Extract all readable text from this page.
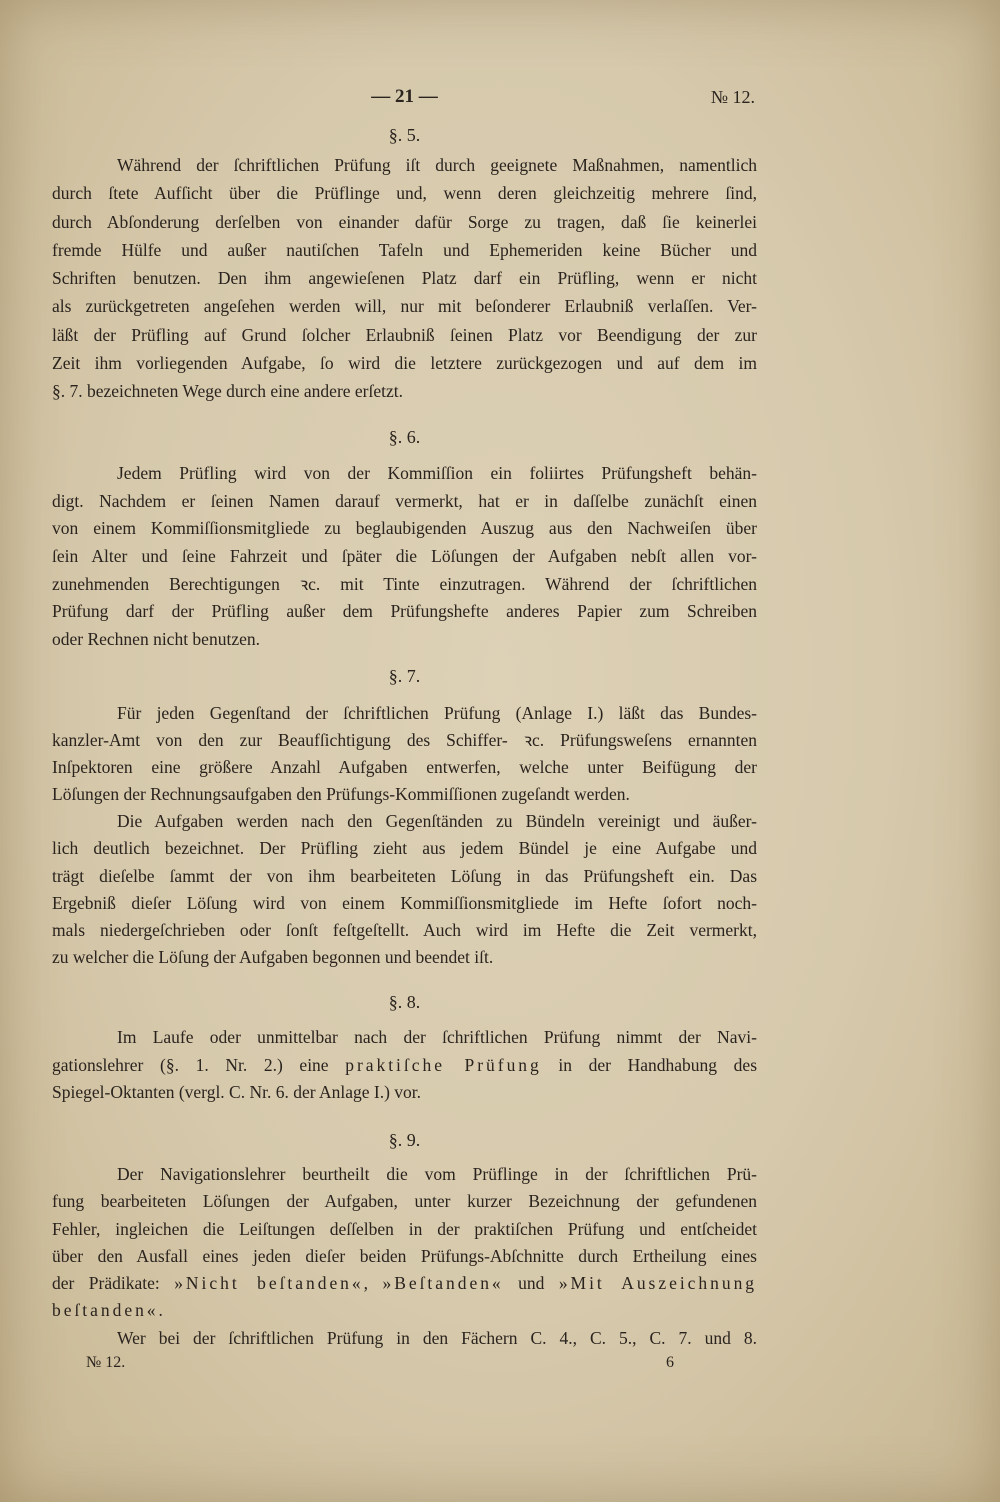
— 21 —	№ 12.
§. 5.
Während der ſchriftlichen Prüfung iſt durch geeignete Maßnahmen, namentlich
durch ſtete Aufſicht über die Prüflinge und, wenn deren gleichzeitig mehrere ſind,
durch Abſonderung derſelben von einander dafür Sorge zu tragen, daß ſie keinerlei
fremde Hülfe und außer nautiſchen Tafeln und Ephemeriden keine Bücher und
Schriften benutzen. Den ihm angewieſenen Platz darf ein Prüfling, wenn er nicht
als zurückgetreten angeſehen werden will, nur mit beſonderer Erlaubniß verlaſſen. Ver-
läßt der Prüfling auf Grund ſolcher Erlaubniß ſeinen Platz vor Beendigung der zur
Zeit ihm vorliegenden Aufgabe, ſo wird die letztere zurückgezogen und auf dem im
§. 7. bezeichneten Wege durch eine andere erſetzt.
§. 6.
Jedem Prüfling wird von der Kommiſſion ein foliirtes Prüfungsheft behän-
digt. Nachdem er ſeinen Namen darauf vermerkt, hat er in daſſelbe zunächſt einen
von einem Kommiſſionsmitgliede zu beglaubigenden Auszug aus den Nachweiſen über
ſein Alter und ſeine Fahrzeit und ſpäter die Löſungen der Aufgaben nebſt allen vor-
zunehmenden Berechtigungen ꝛc. mit Tinte einzutragen. Während der ſchriftlichen
Prüfung darf der Prüfling außer dem Prüfungshefte anderes Papier zum Schreiben
oder Rechnen nicht benutzen.
§. 7.
Für jeden Gegenſtand der ſchriftlichen Prüfung (Anlage I.) läßt das Bundes-
kanzler-Amt von den zur Beaufſichtigung des Schiffer- ꝛc. Prüfungsweſens ernannten
Inſpektoren eine größere Anzahl Aufgaben entwerfen, welche unter Beifügung der
Löſungen der Rechnungsaufgaben den Prüfungs-Kommiſſionen zugeſandt werden.
Die Aufgaben werden nach den Gegenſtänden zu Bündeln vereinigt und äußer-
lich deutlich bezeichnet. Der Prüfling zieht aus jedem Bündel je eine Aufgabe und
trägt dieſelbe ſammt der von ihm bearbeiteten Löſung in das Prüfungsheft ein. Das
Ergebniß dieſer Löſung wird von einem Kommiſſionsmitgliede im Hefte ſofort noch-
mals niedergeſchrieben oder ſonſt feſtgeſtellt. Auch wird im Hefte die Zeit vermerkt,
zu welcher die Löſung der Aufgaben begonnen und beendet iſt.
§. 8.
Im Laufe oder unmittelbar nach der ſchriftlichen Prüfung nimmt der Navi-
gationslehrer (§. 1. Nr. 2.) eine praktiſche Prüfung in der Handhabung des
Spiegel-Oktanten (vergl. C. Nr. 6. der Anlage I.) vor.
§. 9.
Der Navigationslehrer beurtheilt die vom Prüflinge in der ſchriftlichen Prü-
fung bearbeiteten Löſungen der Aufgaben, unter kurzer Bezeichnung der gefundenen
Fehler, ingleichen die Leiſtungen deſſelben in der praktiſchen Prüfung und entſcheidet
über den Ausfall eines jeden dieſer beiden Prüfungs-Abſchnitte durch Ertheilung eines
der Prädikate: »Nicht beſtanden«, »Beſtanden« und »Mit Auszeichnung
beſtanden«.
Wer bei der ſchriftlichen Prüfung in den Fächern C. 4., C. 5., C. 7. und 8.
№ 12.	6
